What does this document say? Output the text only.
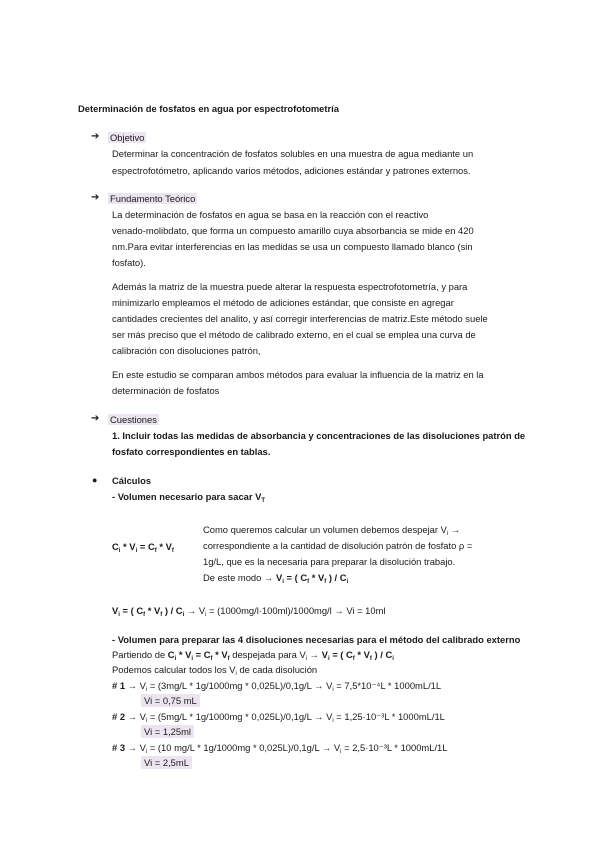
Determinación de fosfatos en agua por espectrofotometría
➔ Objetivo
Determinar la concentración de fosfatos solubles en una muestra de agua mediante un
espectrofotómetro, aplicando varios métodos, adiciones estándar y patrones externos.
➔ Fundamento Teórico
La determinación de fosfatos en agua se basa en la reacción con el reactivo
venado-molibdato, que forma un compuesto amarillo cuya absorbancia se mide en 420
nm.Para evitar interferencias en las medidas se usa un compuesto llamado blanco (sin
fosfato).
Además la matriz de la muestra puede alterar la respuesta espectrofotometría, y para
minimizarlo empleamos el método de adiciones estándar, que consiste en agregar
cantidades crecientes del analito, y así corregir interferencias de matriz.Este método suele
ser más preciso que el método de calibrado externo, en el cual se emplea una curva de
calibración con disoluciones patrón,
En este estudio se comparan ambos métodos para evaluar la influencia de la matriz en la
determinación de fosfatos
➔ Cuestiones
1. Incluir todas las medidas de absorbancia y concentraciones de las disoluciones patrón de
fosfato correspondientes en tablas.
● Cálculos
- Volumen necesario para sacar $V_T$
$C_i * V_i = C_f * V_f$
Como queremos calcular un volumen debemos despejar $V_i$ →
correspondiente a la cantidad de disolución patrón de fosfato ρ =
1g/L, que es la necesaria para preparar la disolución trabajo.
De este modo → $V_i$ = ( $C_f * V_f$ ) / $C_i$
$V_i$ = ( $C_f * V_f$ ) / $C_i \to V_i = (1000mg/l\cdot 100ml)/1000mg/l \to Vi = 10ml$
- Volumen para preparar las 4 disoluciones necesarias para el método del calibrado externo
Partiendo de $C_i * V_i = C_f * V_f$ despejada para $V_i \to V_i$ = ( $C_f * V_f$ ) / $C_i$
Podemos calcular todos los $V_i$ de cada disolución
# $1 \to V_i = (3mg/L * 1g/1000mg * 0,025L)/0,1g/L \to V_i = 7,5*10^{-4}L * 1000mL/1L$
Vi = 0,75 mL
# $2 \to V_i = (5mg/L * 1g/1000mg * 0,025L)/0,1g/L \to V_i = 1,25\cdot 10^{-3}L * 1000mL/1L$
Vi = 1,25ml
# $3 \to V_i = (10$ $mg/L * 1g/1000mg * 0,025L)/0,1g/L \to V_i = 2,5\cdot 10^{-3}L * 1000mL/1L$
Vi = 2,5mL
